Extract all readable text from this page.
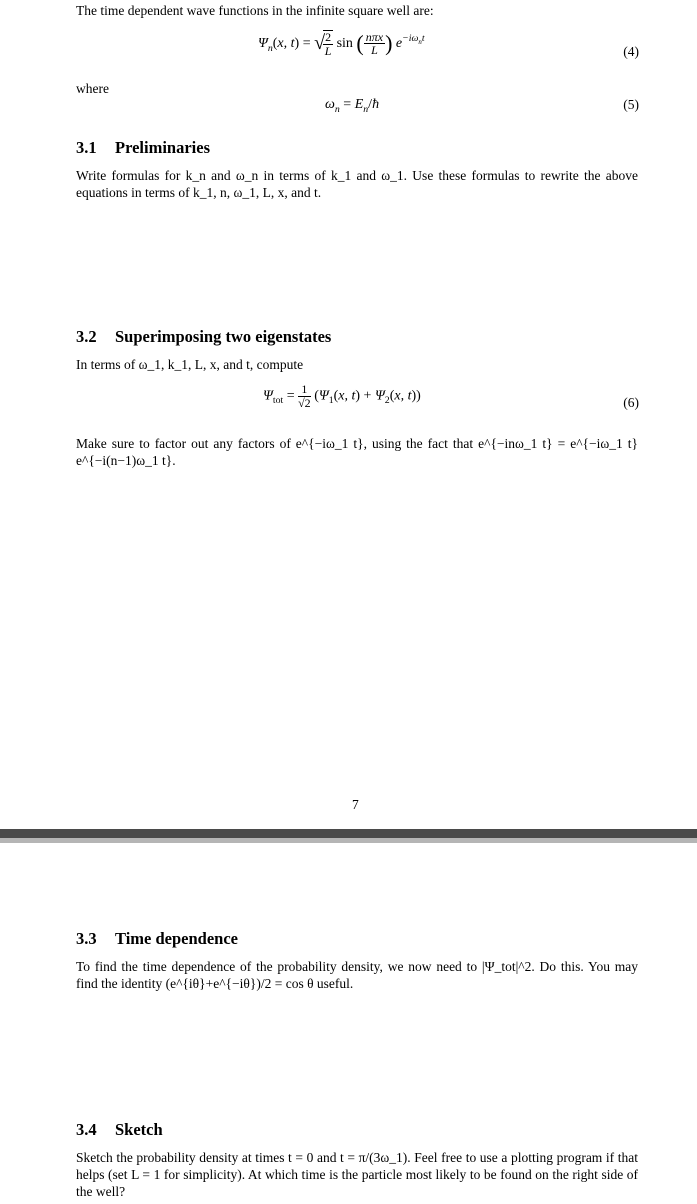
The time dependent wave functions in the infinite square well are:
$\Psi_n(x$, t) = √
$\frac{2}{L}$ sin ( $\frac{\text{nπx}}{L}$ ) $e^{-i\omega_nt}$
(4)
where
$\omega_n$ = $E_n/ħ$	(5)
3.1 Preliminaries
Write formulas for k_n and ω_n in terms of k_1 and ω_1. Use these formulas to rewrite the above equations in terms of k_1, n, ω_1, L, x, and t.
3.2 Superimposing two eigenstates
In terms of ω_1, k_1, L, x, and t, compute
$\Psi_{tot} = \frac{1}{√2} (\Psi_1(x$, $t) + \Psi_2(x$, t))	(6)
Make sure to factor out any factors of e^{−iω_1 t}, using the fact that e^{−inω_1 t} = e^{−iω_1 t} e^{−i(n−1)ω_1 t}.
7
3.3 Time dependence
To find the time dependence of the probability density, we now need to |Ψ_tot|^2. Do this. You may find the identity (e^{iθ}+e^{−iθ})/2 = cos θ useful.
3.4 Sketch
Sketch the probability density at times t = 0 and t = π/(3ω_1). Feel free to use a plotting program if that helps (set L = 1 for simplicity). At which time is the particle most likely to be found on the right side of the well?
